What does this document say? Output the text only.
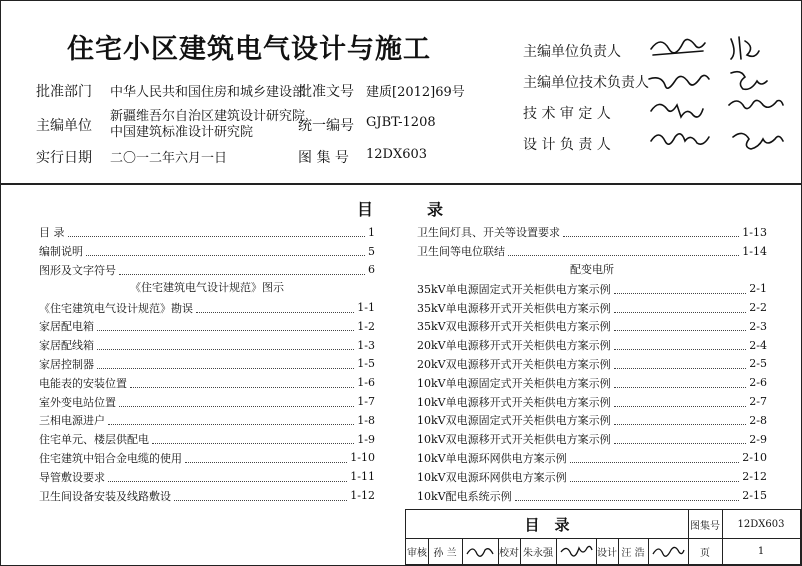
住宅小区建筑电气设计与施工
批准部门 中华人民共和国住房和城乡建设部
批准文号 建质[2012]69号
主编单位
新疆维吾尔自治区建筑设计研究院
中国建筑标准设计研究院	统一编号 GJBT-1208
实行日期 二〇一二年六月一日	图 集 号 12DX603
主编单位负责人
主编单位技术负责人
技 术 审 定 人
设 计 负 责 人
目	录
目 录	1
编制说明	5
图形及文字符号	6
《住宅建筑电气设计规范》图示
《住宅建筑电气设计规范》勘误	1-1
家居配电箱	1-2
家居配线箱	1-3
家居控制器	1-5
电能表的安装位置	1-6
室外变电站位置	1-7
三相电源进户	1-8
住宅单元、楼层供配电	1-9
住宅建筑中铝合金电缆的使用	1-10
导管敷设要求	1-11
卫生间设备安装及线路敷设	1-12
卫生间灯具、开关等设置要求	1-13
卫生间等电位联结	1-14
配变电所
35kV单电源固定式开关柜供电方案示例	2-1
35kV单电源移开式开关柜供电方案示例	2-2
35kV双电源移开式开关柜供电方案示例	2-3
20kV单电源移开式开关柜供电方案示例	2-4
20kV双电源移开式开关柜供电方案示例	2-5
10kV单电源固定式开关柜供电方案示例	2-6
10kV单电源移开式开关柜供电方案示例	2-7
10kV双电源固定式开关柜供电方案示例	2-8
10kV双电源移开式开关柜供电方案示例	2-9
10kV单电源环网供电方案示例	2-10
10kV双电源环网供电方案示例	2-12
10kV配电系统示例	2-15
目　录	图集号	12DX603
审核 孙 兰	校对 朱永强	设计 汪 浩	页	1
